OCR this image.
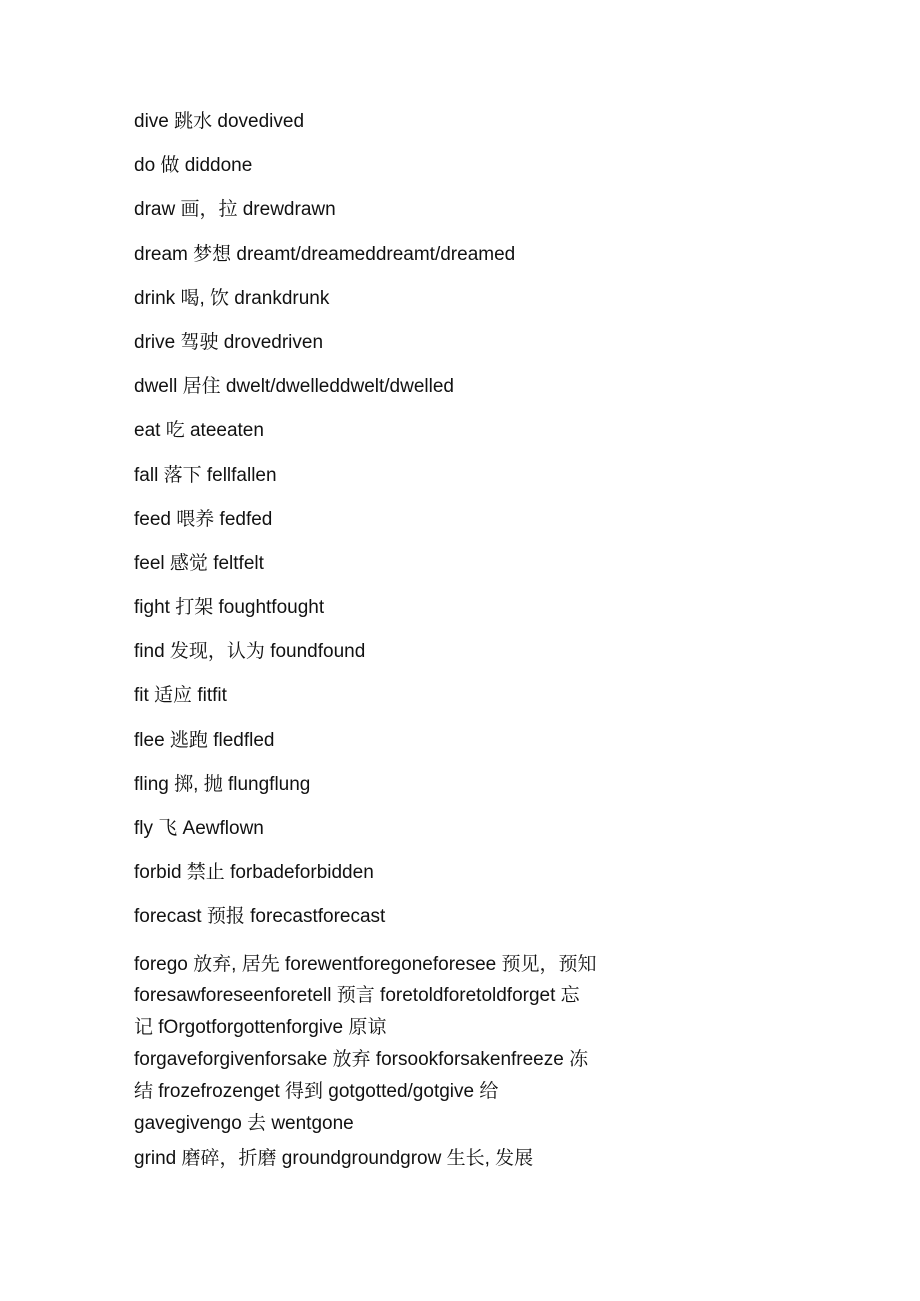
dive 跳水 dovedived
do 做 diddone
draw 画，拉 drewdrawn
dream 梦想 dreamt/dreameddreamt/dreamed
drink 喝, 饮 drankdrunk
drive 驾驶 drovedriven
dwell 居住 dwelt/dwelleddwelt/dwelled
eat 吃 ateeaten
fall 落下 fellfallen
feed 喂养 fedfed
feel 感觉 feltfelt
fight 打架 foughtfought
find 发现，认为 foundfound
fit 适应 fitfit
flee 逃跑 fledfled
fling 掷, 抛 flungflung
fly 飞 Aewflown
forbid 禁止 forbadeforbidden
forecast 预报 forecastforecast
forego 放弃, 居先 forewentforegoneforesee 预见，预知
foresawforeseenforetell 预言 foretoldforetoldforget 忘
记 fOrgotforgottenforgive 原谅
forgaveforgivenforsake 放弃 forsookforsakenfreeze 冻
结 frozefrozenget 得到 gotgotted/gotgive 给
gavegivengo 去 wentgone
grind 磨碎，折磨 groundgroundgrow 生长, 发展
